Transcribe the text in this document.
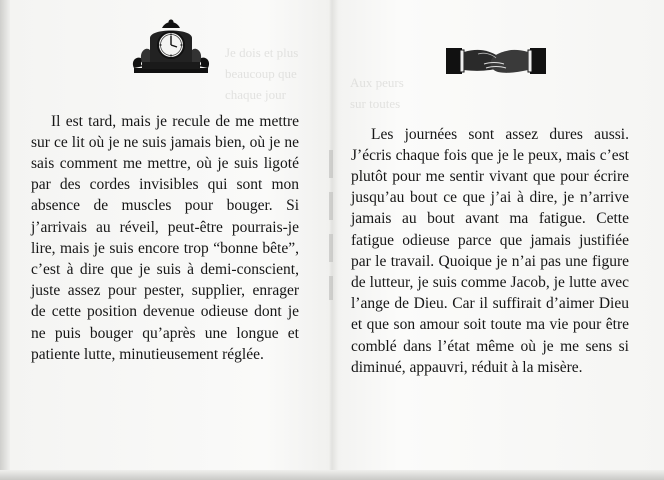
Je dois et plus
beaucoup que
chaque jour

Il est tard, mais je recule de me mettre sur ce lit où je ne suis jamais bien, où je ne sais comment me mettre, où je suis ligoté par des cordes invisibles qui sont mon absence de muscles pour bouger. Si j’arrivais au réveil, peut-être pourrais-je lire, mais je suis encore trop “bonne bête”, c’est à dire que je suis à demi-conscient, juste assez pour pester, supplier, enrager de cette position devenue odieuse dont je ne puis bouger qu’après une longue et patiente lutte, minutieusement réglée.

Aux peurs
sur toutes

Les journées sont assez dures aussi. J’écris chaque fois que je le peux, mais c’est plutôt pour me sentir vivant que pour écrire jusqu’au bout ce que j’ai à dire, je n’arrive jamais au bout avant ma fatigue. Cette fatigue odieuse parce que jamais justifiée par le travail. Quoique je n’ai pas une figure de lutteur, je suis comme Jacob, je lutte avec l’ange de Dieu. Car il suffirait d’aimer Dieu et que son amour soit toute ma vie pour être comblé dans l’état même où je me sens si diminué, appauvri, réduit à la misère.
